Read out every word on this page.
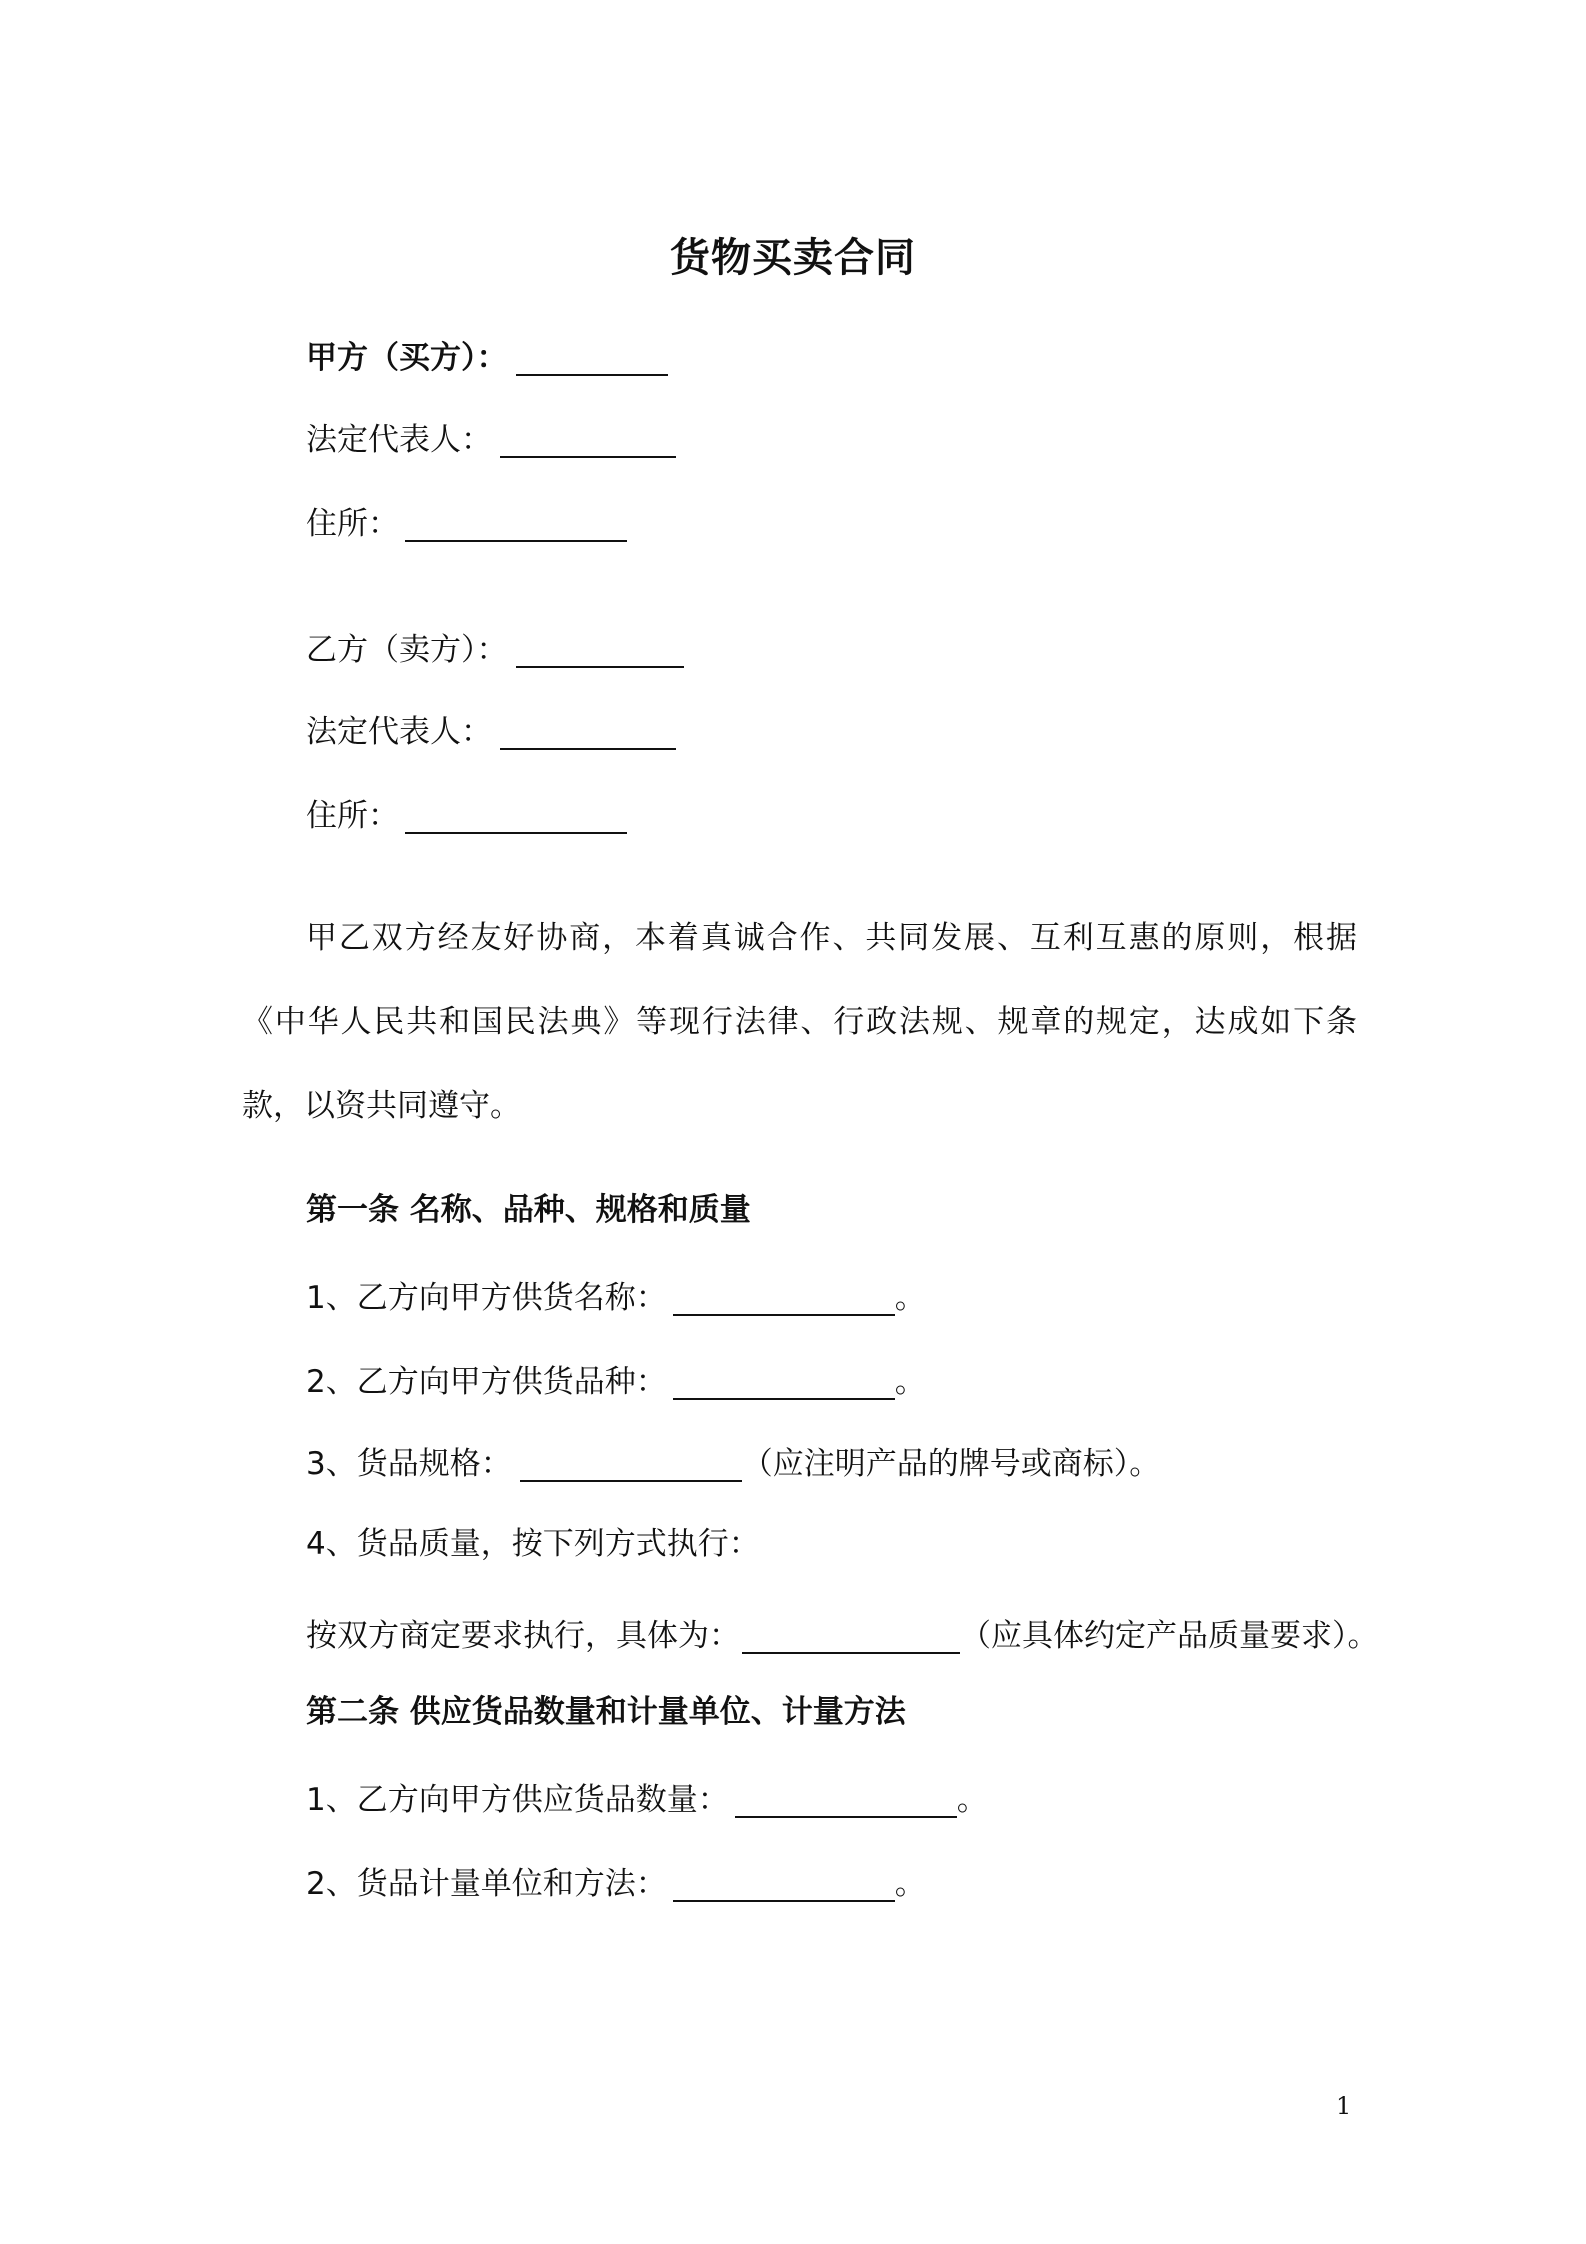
货物买卖合同
甲方（买方）：
法定代表人：
住所：
乙方（卖方）：
法定代表人：
住所：
甲乙双方经友好协商，本着真诚合作、共同发展、互利互惠的原则，根据《中华人民共和国民法典》等现行法律、行政法规、规章的规定，达成如下条款，以资共同遵守。
第一条 名称、品种、规格和质量
1、乙方向甲方供货名称：	。
2、乙方向甲方供货品种：	。
3、货品规格：	（应注明产品的牌号或商标）。
4、货品质量，按下列方式执行：
按双方商定要求执行，具体为：	（应具体约定产品质量要求）。
第二条 供应货品数量和计量单位、计量方法
1、乙方向甲方供应货品数量：	。
2、货品计量单位和方法：	。
1
